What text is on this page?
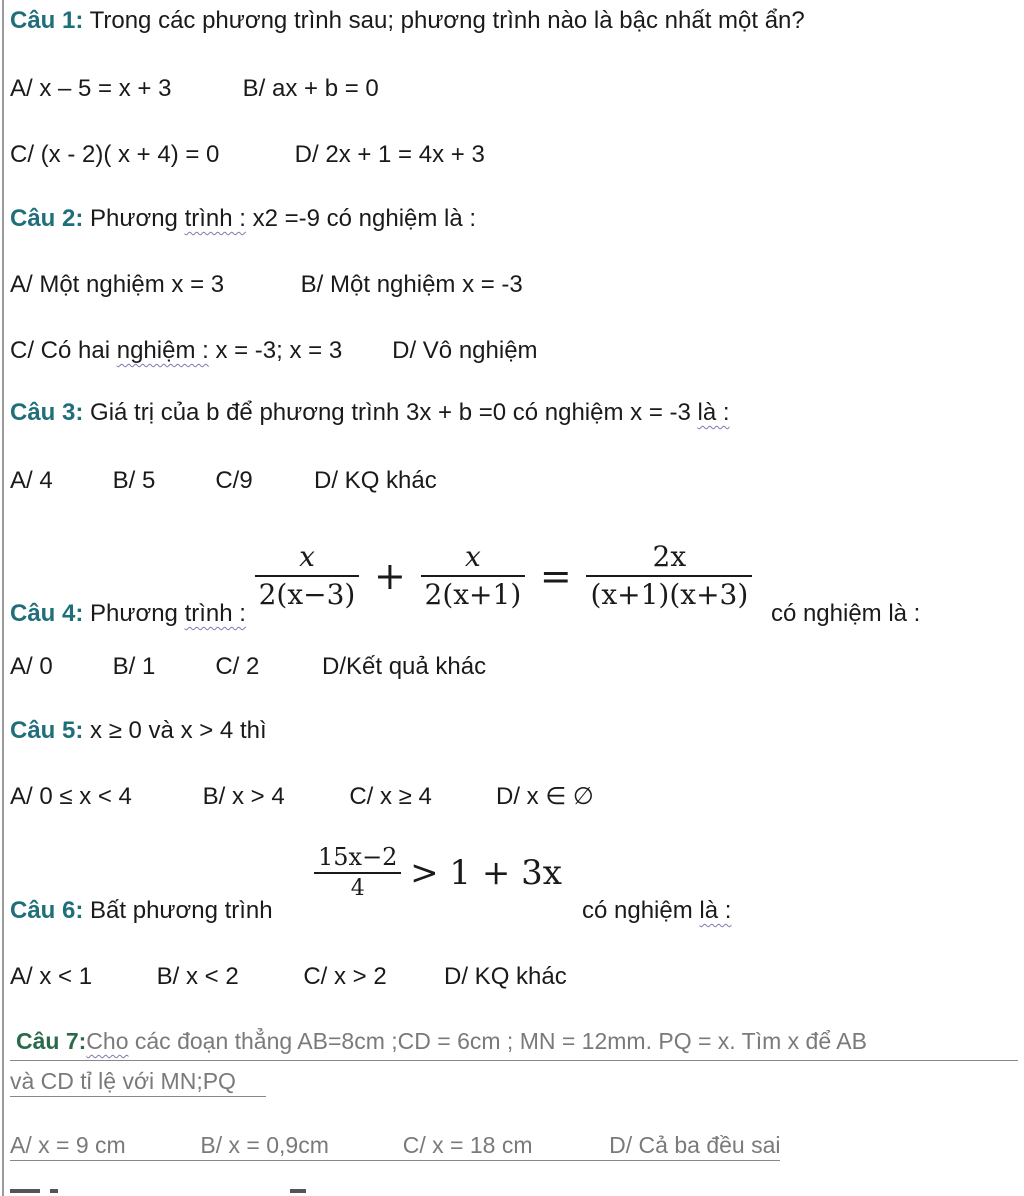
Câu 1: Trong các phương trình sau; phương trình nào là bậc nhất một ẩn?
A/ x – 5 = x + 3	B/ ax + b = 0
C/ (x - 2)( x + 4) = 0	D/ 2x + 1 = 4x + 3
Câu 2: Phương trình : x2 =-9 có nghiệm là :
A/ Một nghiệm x = 3	B/ Một nghiệm x = -3
C/ Có hai nghiệm : x = -3; x = 3 D/ Vô nghiệm
Câu 3: Giá trị của b để phương trình 3x + b =0 có nghiệm x = -3 là :
A/ 4 B/ 5 C/9	D/ KQ khác
Câu 4: Phương trình :
$\frac{x}{2(x-3)} + \frac{x}{2(x+1)} = \frac{2x}{(x+1)(x+3)}$
có nghiệm là :
A/ 0 B/ 1 C/ 2	D/Kết quả khác
Câu 5: x ≥ 0 và x > 4 thì
A/ 0 ≤ x < 4	B/ x > 4	C/ x ≥ 4	D/ x ∈ ∅
Câu 6: Bất phương trình
$\frac{15x-2}{4} > 1 + 3x$
có nghiệm là :
A/ x < 1	B/ x < 2	C/ x > 2 D/ KQ khác
Câu 7:Cho các đoạn thẳng AB=8cm ;CD = 6cm ; MN = 12mm. PQ = x. Tìm x để AB
và CD tỉ lệ với MN;PQ
A/ x = 9 cm	B/ x = 0,9cm	C/ x = 18 cm	D/ Cả ba đều sai
